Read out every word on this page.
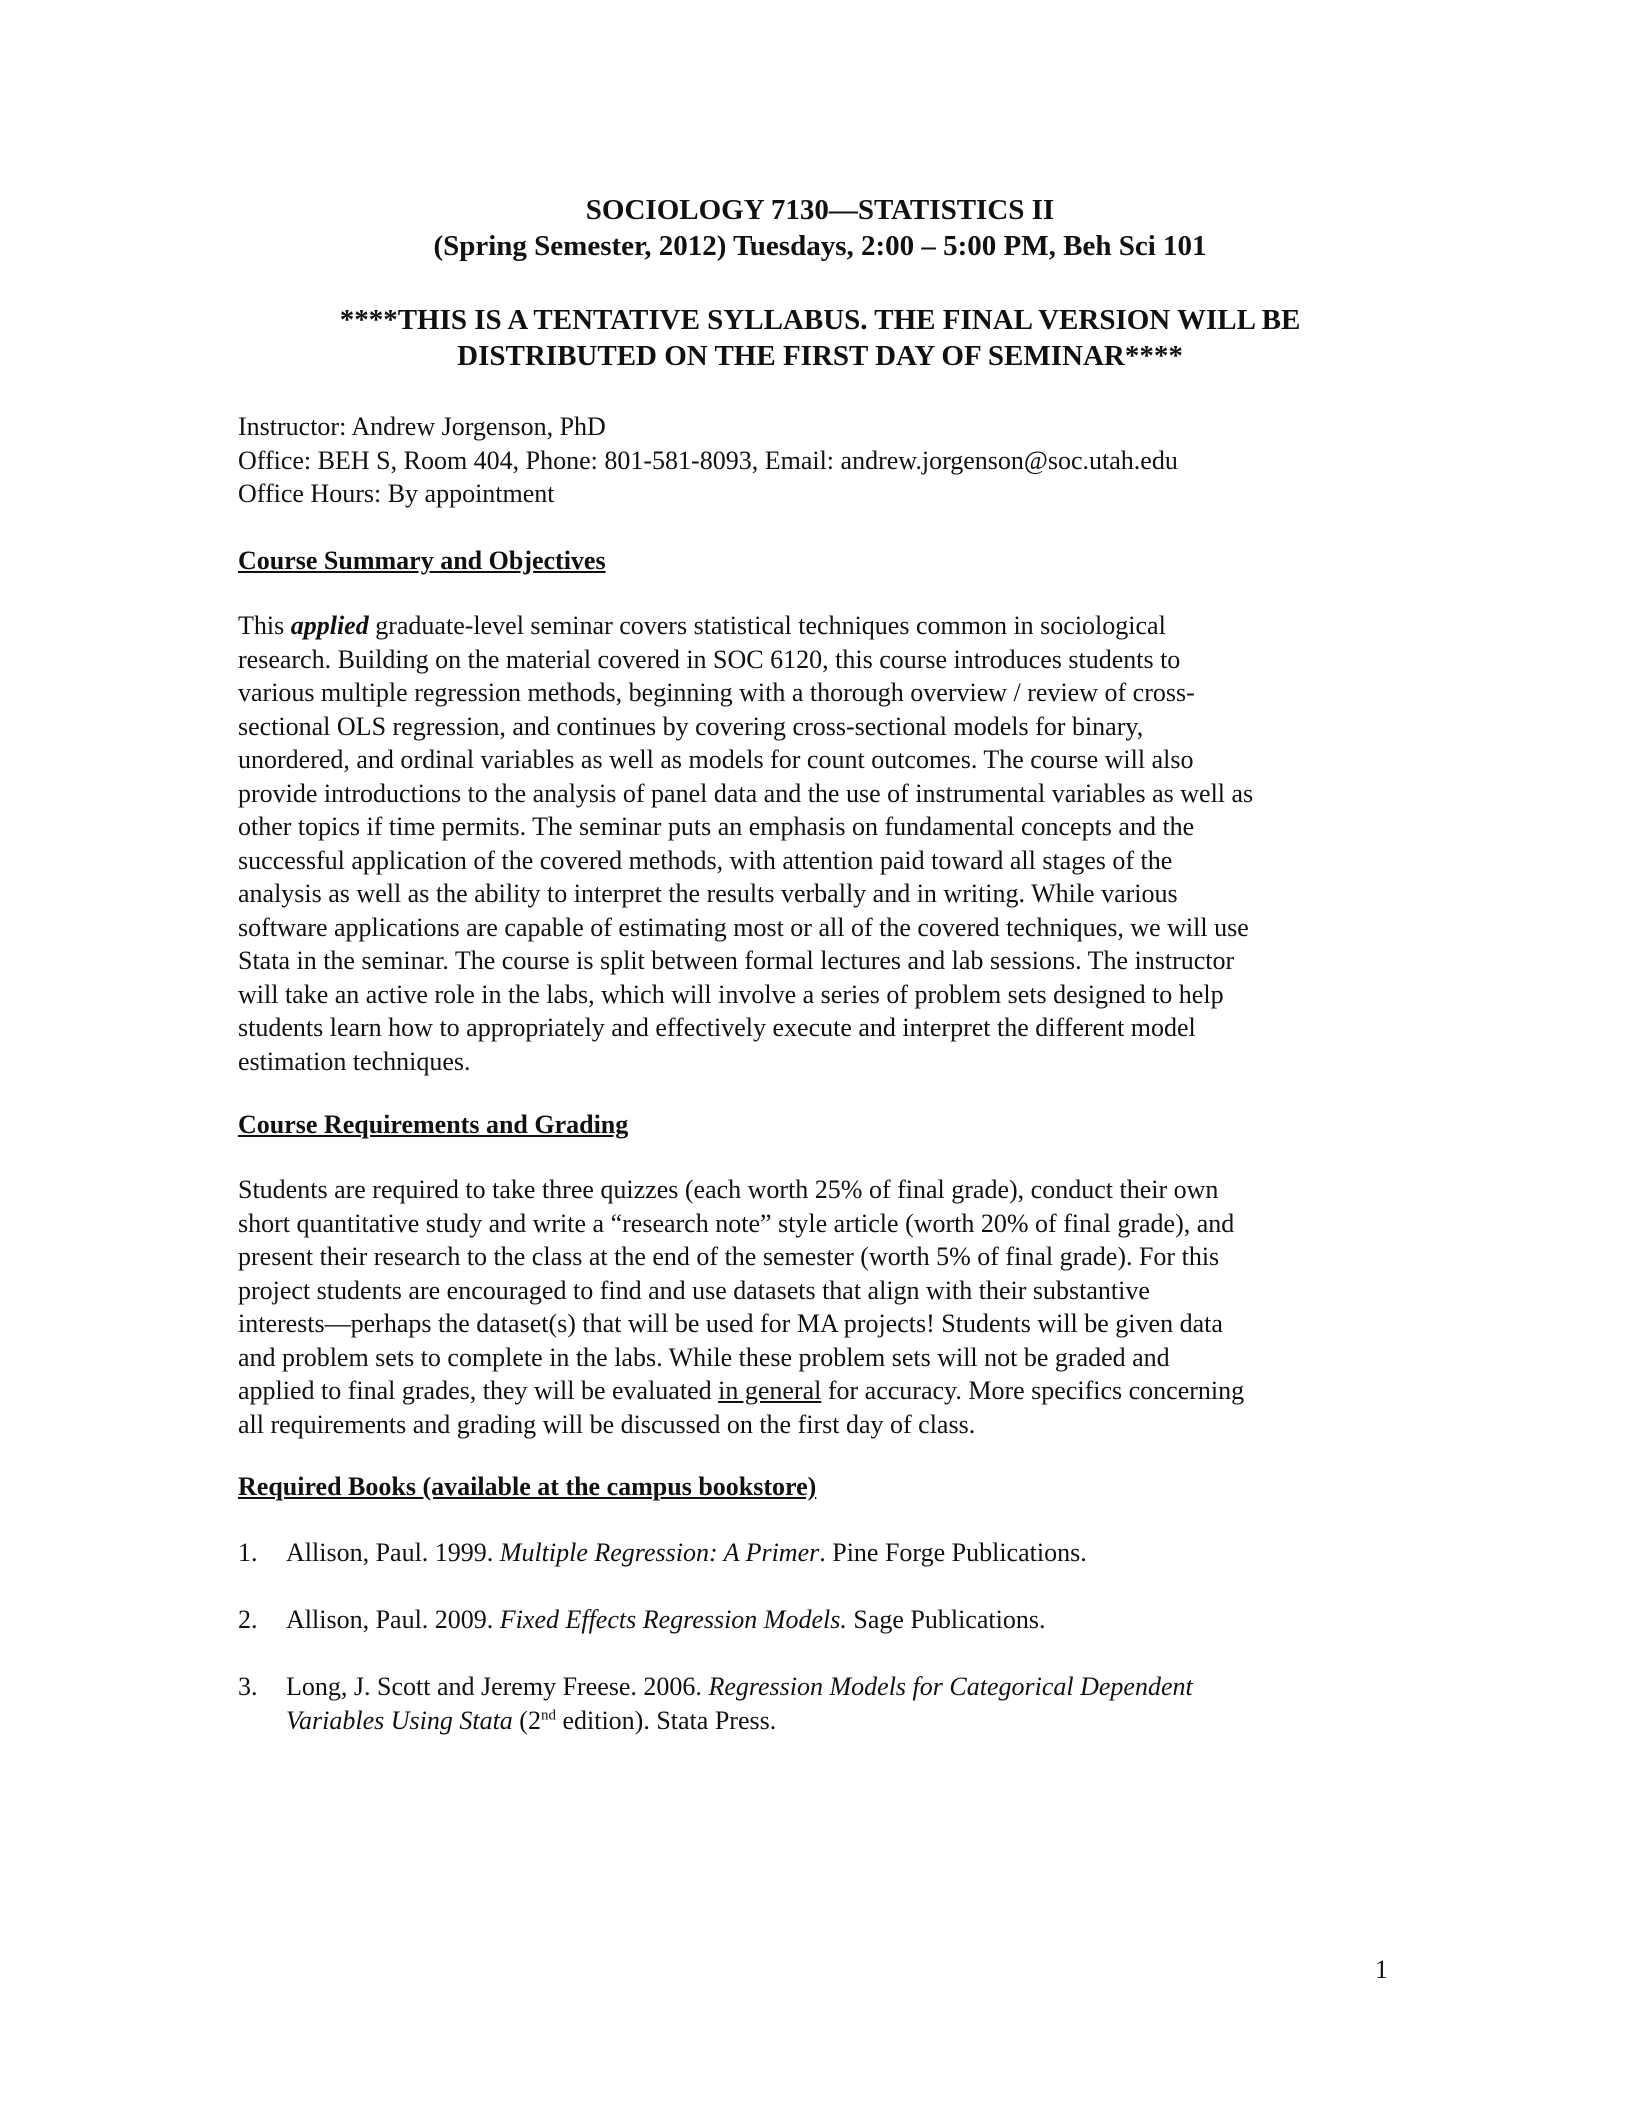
SOCIOLOGY 7130—STATISTICS II
(Spring Semester, 2012) Tuesdays, 2:00 – 5:00 PM, Beh Sci 101
****THIS IS A TENTATIVE SYLLABUS. THE FINAL VERSION WILL BE
DISTRIBUTED ON THE FIRST DAY OF SEMINAR****
Instructor: Andrew Jorgenson, PhD
Office: BEH S, Room 404, Phone: 801-581-8093, Email: andrew.jorgenson@soc.utah.edu
Office Hours: By appointment
Course Summary and Objectives
This applied graduate-level seminar covers statistical techniques common in sociological
research. Building on the material covered in SOC 6120, this course introduces students to
various multiple regression methods, beginning with a thorough overview / review of cross-
sectional OLS regression, and continues by covering cross-sectional models for binary,
unordered, and ordinal variables as well as models for count outcomes. The course will also
provide introductions to the analysis of panel data and the use of instrumental variables as well as
other topics if time permits. The seminar puts an emphasis on fundamental concepts and the
successful application of the covered methods, with attention paid toward all stages of the
analysis as well as the ability to interpret the results verbally and in writing. While various
software applications are capable of estimating most or all of the covered techniques, we will use
Stata in the seminar. The course is split between formal lectures and lab sessions. The instructor
will take an active role in the labs, which will involve a series of problem sets designed to help
students learn how to appropriately and effectively execute and interpret the different model
estimation techniques.
Course Requirements and Grading
Students are required to take three quizzes (each worth 25% of final grade), conduct their own
short quantitative study and write a “research note” style article (worth 20% of final grade), and
present their research to the class at the end of the semester (worth 5% of final grade). For this
project students are encouraged to find and use datasets that align with their substantive
interests—perhaps the dataset(s) that will be used for MA projects! Students will be given data
and problem sets to complete in the labs. While these problem sets will not be graded and
applied to final grades, they will be evaluated in general for accuracy. More specifics concerning
all requirements and grading will be discussed on the first day of class.
Required Books (available at the campus bookstore)
1. Allison, Paul. 1999. Multiple Regression: A Primer. Pine Forge Publications.
2. Allison, Paul. 2009. Fixed Effects Regression Models. Sage Publications.
3. Long, J. Scott and Jeremy Freese. 2006. Regression Models for Categorical Dependent
Variables Using Stata (2nd edition). Stata Press.
1
